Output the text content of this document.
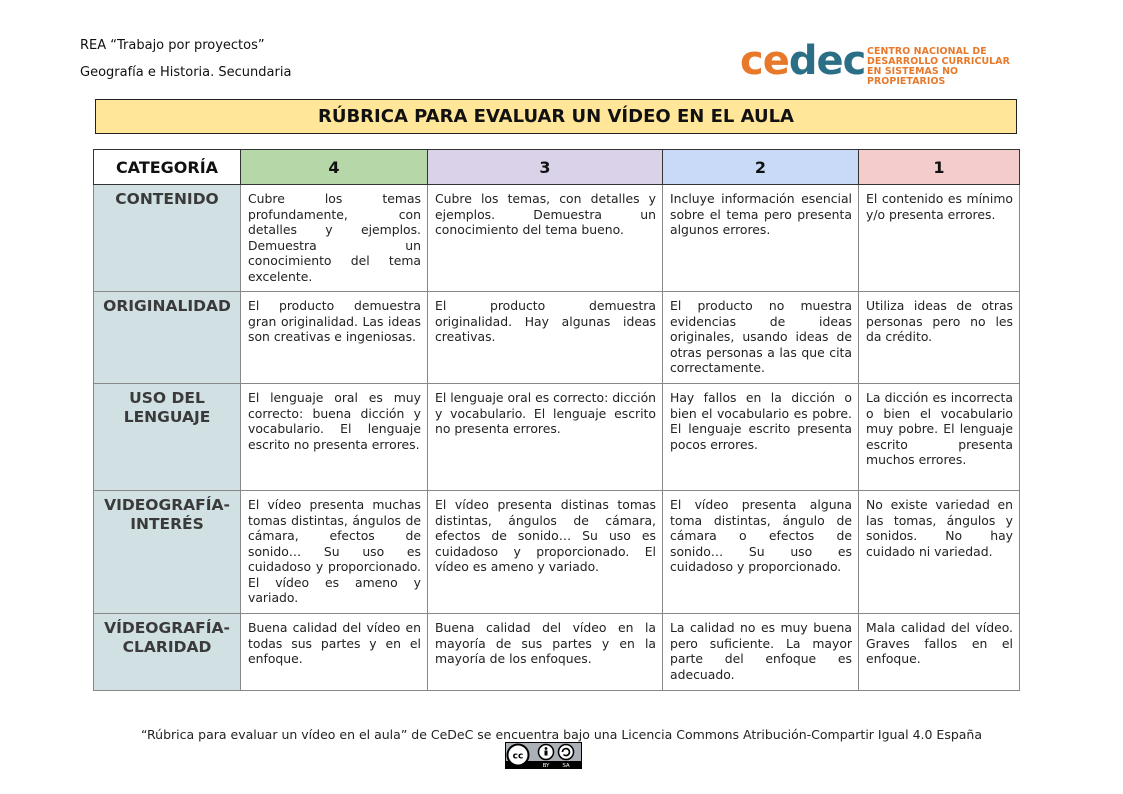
REA “Trabajo por proyectos”
Geografía e Historia. Secundaria	cedec CENTRO NACIONAL DE
DESARROLLO CURRICULAR
EN SISTEMAS NO PROPIETARIOS
RÚBRICA PARA EVALUAR UN VÍDEO EN EL AULA
CATEGORÍA	4	3	2	1
CONTENIDO	Cubre los temas profundamente, con detalles y ejemplos. Demuestra un conocimiento del tema excelente.	Cubre los temas, con detalles y ejemplos. Demuestra un conocimiento del tema bueno.	Incluye información esencial sobre el tema pero presenta algunos errores.	El contenido es mínimo y/o presenta errores.
ORIGINALIDAD	El producto demuestra gran originalidad. Las ideas son creativas e ingeniosas.	El producto demuestra originalidad. Hay algunas ideas creativas.	El producto no muestra evidencias de ideas originales, usando ideas de otras personas a las que cita correctamente.	Utiliza ideas de otras personas pero no les da crédito.
USO DEL LENGUAJE	El lenguaje oral es muy correcto: buena dicción y vocabulario. El lenguaje escrito no presenta errores.	El lenguaje oral es correcto: dicción y vocabulario. El lenguaje escrito no presenta errores.	Hay fallos en la dicción o bien el vocabulario es pobre. El lenguaje escrito presenta pocos errores.	La dicción es incorrecta o bien el vocabulario muy pobre. El lenguaje escrito presenta muchos errores.
VIDEOGRAFÍA-INTERÉS	El vídeo presenta muchas tomas distintas, ángulos de cámara, efectos de sonido… Su uso es cuidadoso y proporcionado. El vídeo es ameno y variado.	El vídeo presenta distinas tomas distintas, ángulos de cámara, efectos de sonido… Su uso es cuidadoso y proporcionado. El vídeo es ameno y variado.	El vídeo presenta alguna toma distintas, ángulo de cámara o efectos de sonido… Su uso es cuidadoso y proporcionado.	No existe variedad en las tomas, ángulos y sonidos. No hay cuidado ni variedad.
VÍDEOGRAFÍA-CLARIDAD	Buena calidad del vídeo en todas sus partes y en el enfoque.	Buena calidad del vídeo en la mayoría de sus partes y en la mayoría de los enfoques.	La calidad no es muy buena pero suficiente. La mayor parte del enfoque es adecuado.	Mala calidad del vídeo. Graves fallos en el enfoque.
“Rúbrica para evaluar un vídeo en el aula” de CeDeC se encuentra bajo una Licencia Commons Atribución-Compartir Igual 4.0 España
cc
BY SA
